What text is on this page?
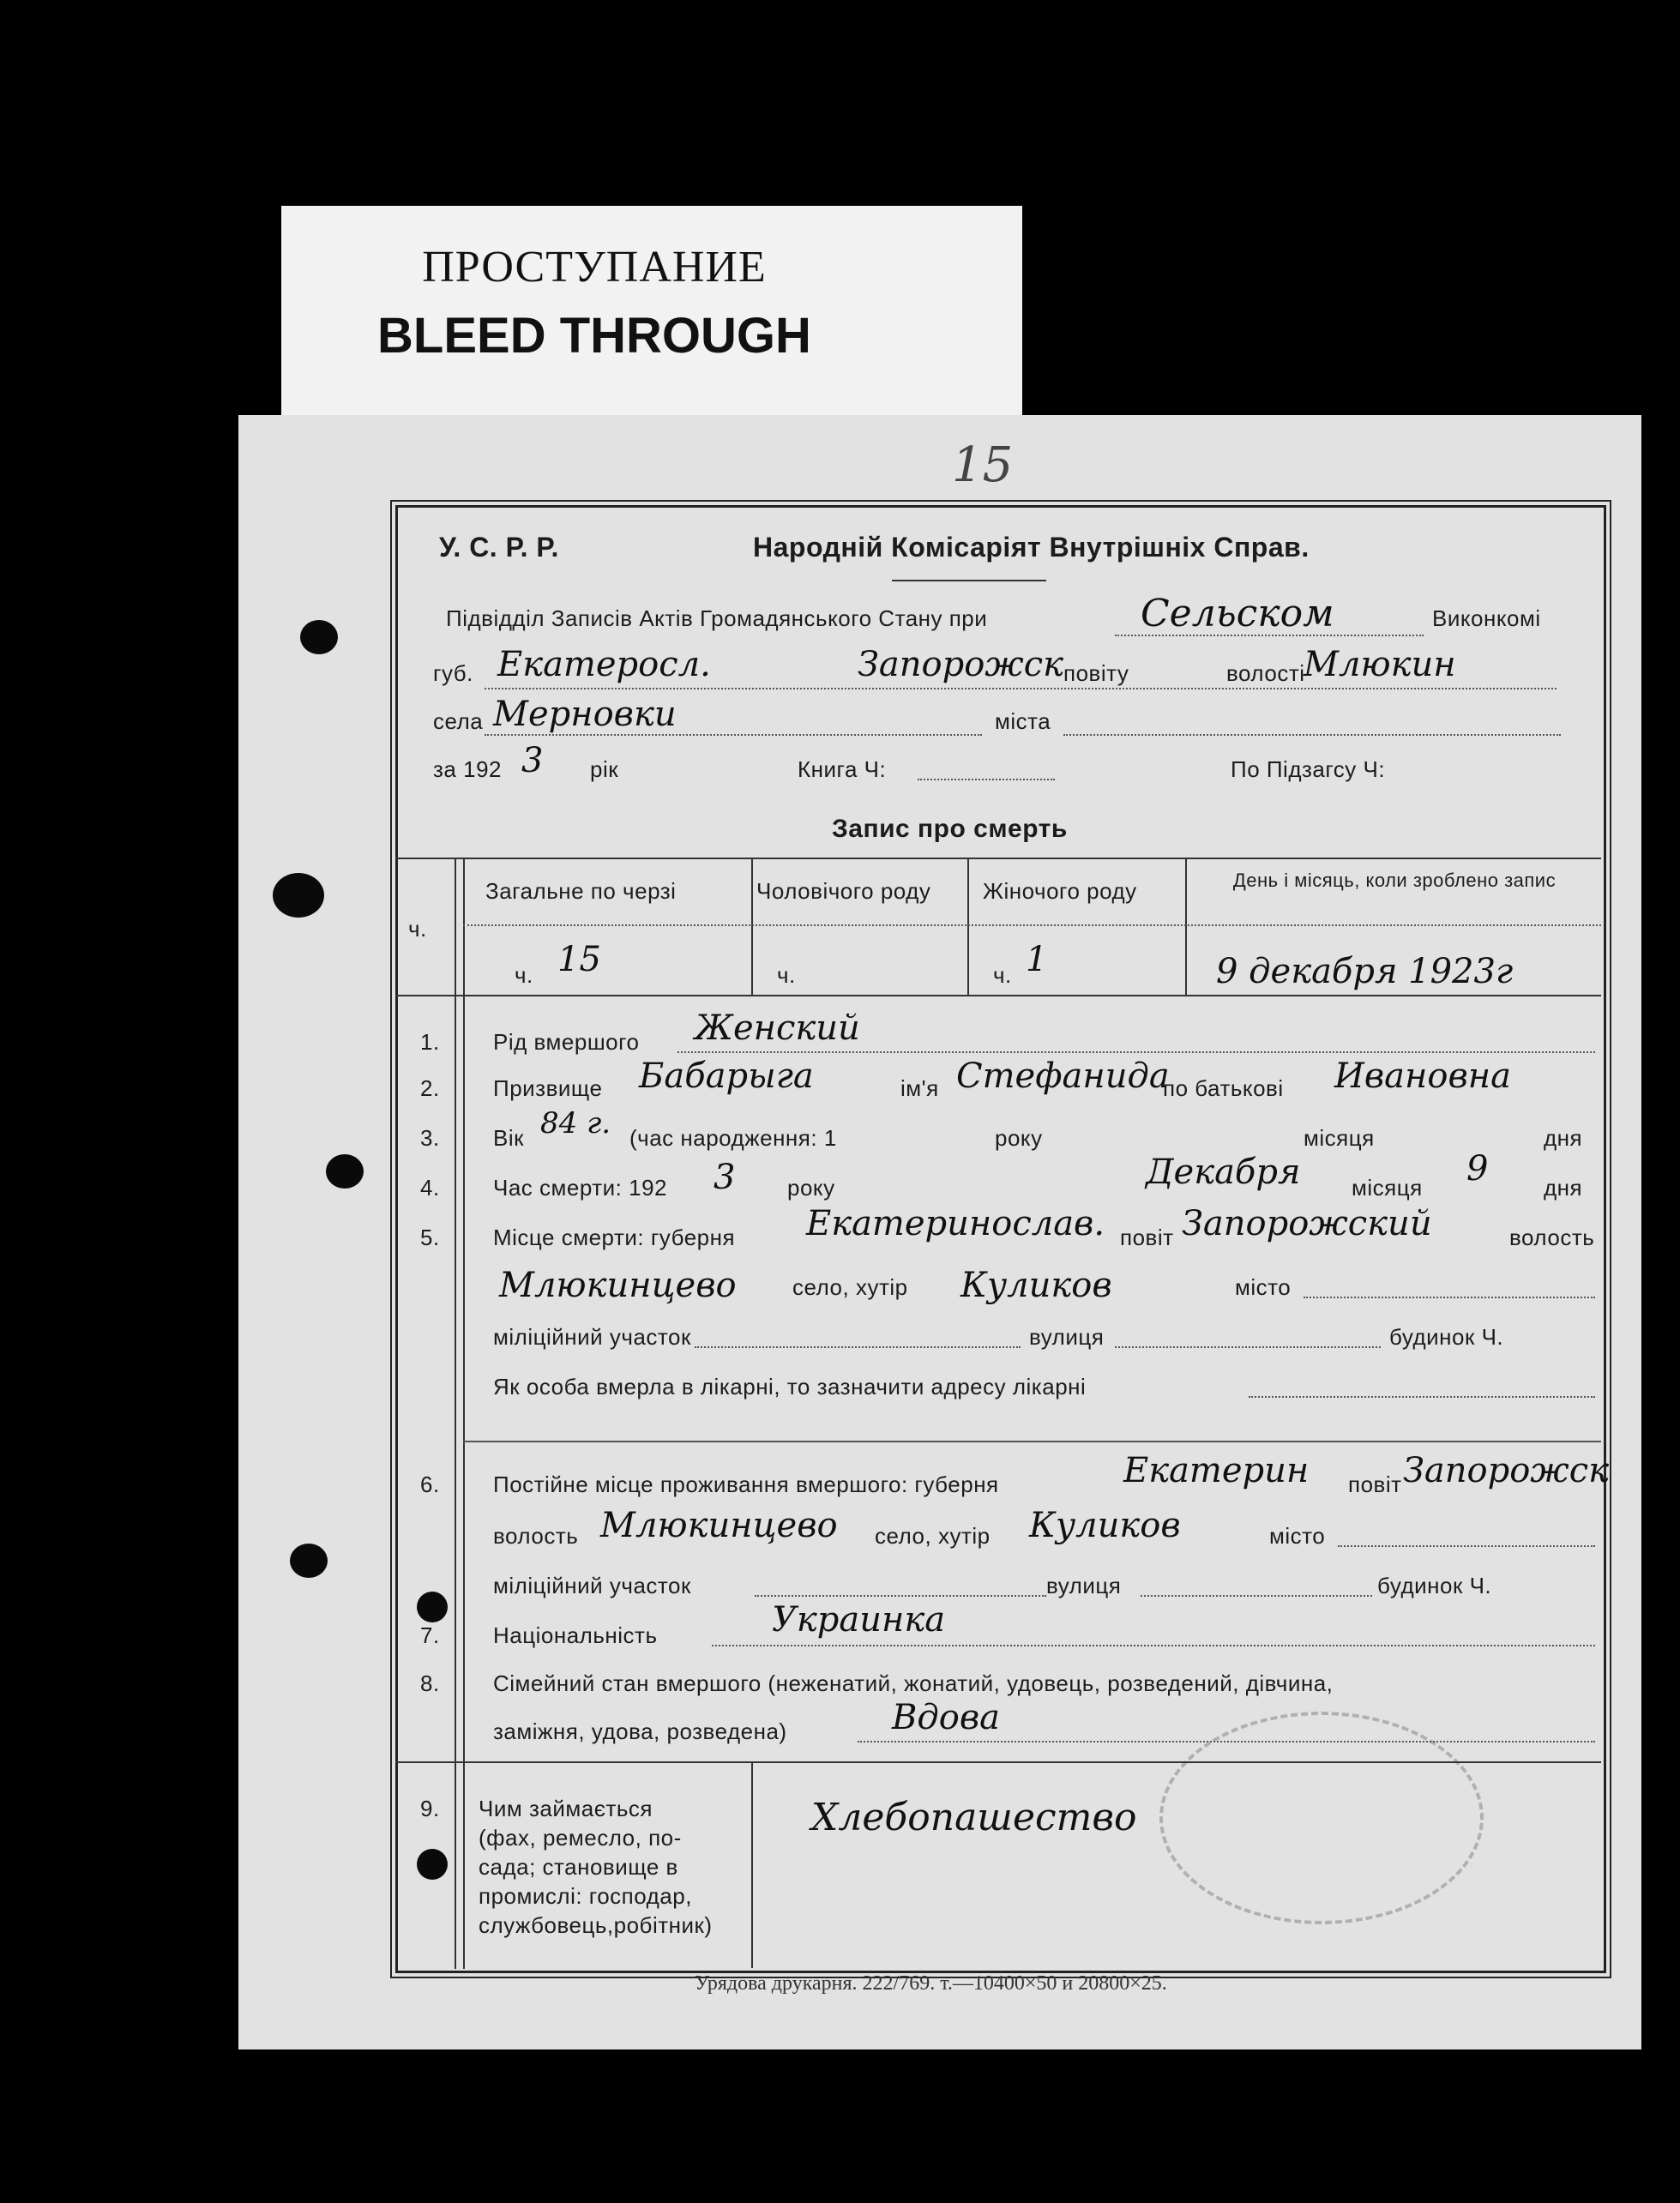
ПРОСТУПАНИЕ
BLEED THROUGH
15
У. С. Р. Р.	Народній Комісаріят Внутрішніх Справ.
Підвідділ Записів Актів Громадянського Стану при	Сельском	Виконкомі
губ. Екатеросл.	Запорожск повіту	Млюкин
волості
села Мерновки	міста
за 192 3 рік	Книга Ч:	По Підзагсу Ч:
Запис про смерть
ч.
Загальне по черзі	Чоловічого роду Жіночого роду	День і місяць, коли зроблено запис
ч. 15	ч.	ч. 1	9 декабря 1923г
1. Рід вмершого Женский
2. Призвище Бабарыга	ім'я Стефанида
по батькові Ивановна
3. Вік 84 г. (час народження: 1	року	місяця	дня
4. Час смерти: 192 3 року	Декабря місяця 9 дня
5. Місце смерти: губерня Екатеринослав. повіт Запорожский	волость
Млюкинцево	село, хутір Куликов	місто
міліційний участок	вулиця	будинок Ч.
Як особа вмерла в лікарні, то зазначити адресу лікарні
6. Постійне місце проживання вмершого: губерня	Екатерин повіт Запорожск
волость Млюкинцево село, хутір Куликов	місто
міліційний участок	вулиця	будинок Ч.
7. Національність	Украинка
8. Сімейний стан вмершого (неженатий, жонатий, удовець, розведений, дівчина,
заміжня, удова, розведена)	Вдова
9. Чим займається
(фах, ремесло, по-
сада; становище в
промислі: господар,
службовець,робітник)
Хлебопашество
Урядова друкарня. 222/769. т.—10400×50 и 20800×25.
